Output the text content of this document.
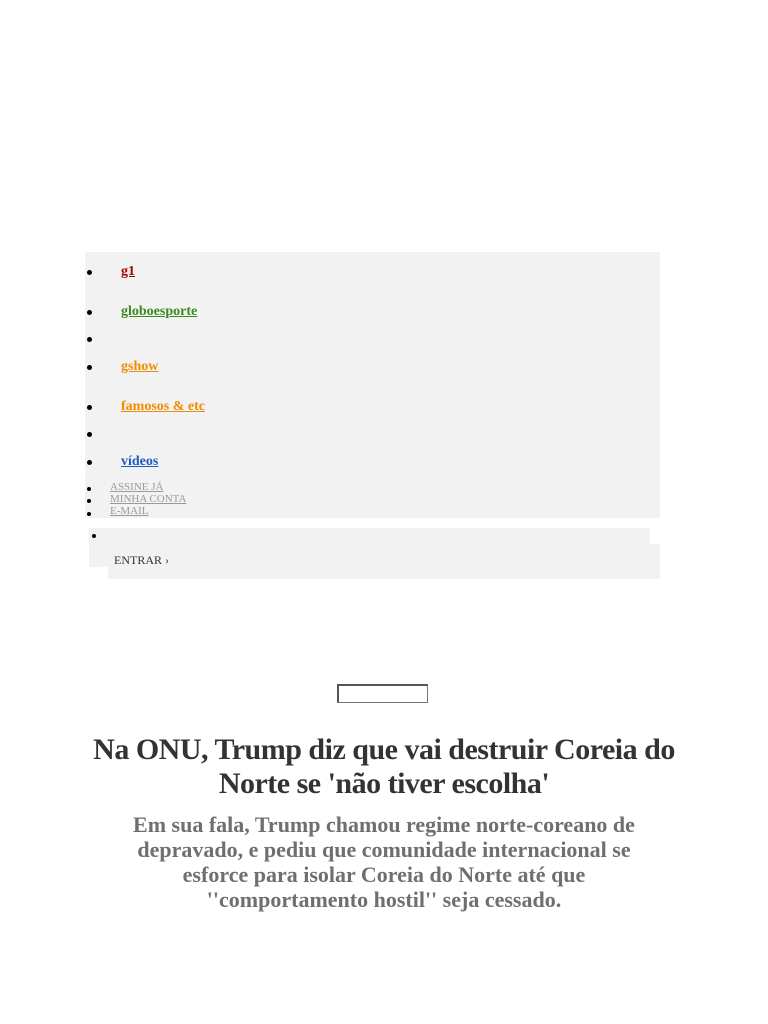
g1
globoesporte
gshow
famosos & etc
vídeos
ASSINE JÁ
MINHA CONTA
E-MAIL
ENTRAR ›
Na ONU, Trump diz que vai destruir Coreia do Norte se 'não tiver escolha'
Em sua fala, Trump chamou regime norte-coreano de depravado, e pediu que comunidade internacional se esforce para isolar Coreia do Norte até que ''comportamento hostil'' seja cessado.
